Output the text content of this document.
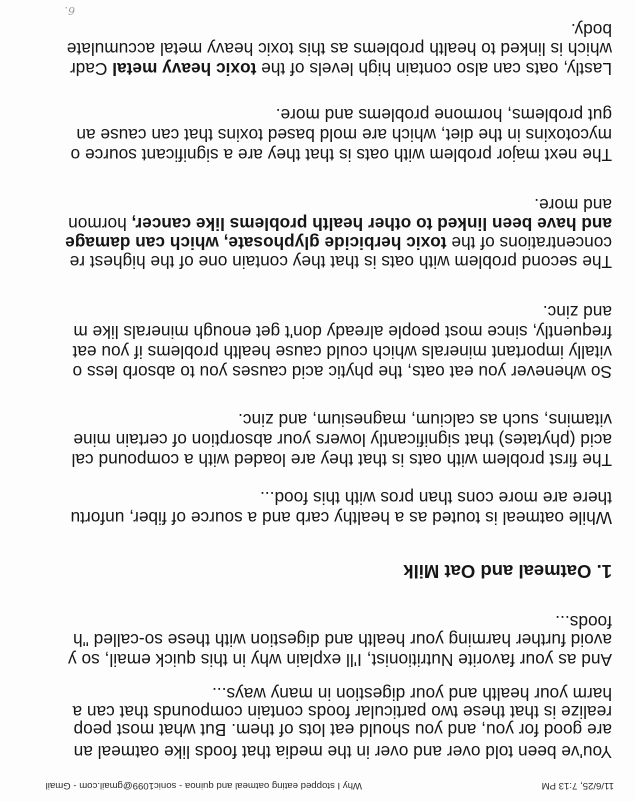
11/6/25, 7:13 PM
Why I stopped eating oatmeal and quinoa - sonic1099@gmail.com - Gmail
You've been told over and over in the media that foods like oatmeal an
are good for you, and you should eat lots of them. But what most peop
realize is that these two particular foods contain compounds that can a
harm your health and your digestion in many ways...
And as your favorite Nutritionist, I'll explain why in this quick email, so y
avoid further harming your health and digestion with these so-called "h
foods...
1. Oatmeal and Oat Milk
While oatmeal is touted as a healthy carb and a source of fiber, unfortu
there are more cons than pros with this food...
The first problem with oats is that they are loaded with a compound cal
acid (phytates) that significantly lowers your absorption of certain mine
vitamins, such as calcium, magnesium, and zinc.
So whenever you eat oats, the phytic acid causes you to absorb less o
vitally important minerals which could cause health problems if you eat
frequently, since most people already don't get enough minerals like m
and zinc.
The second problem with oats is that they contain one of the highest re
concentrations of the toxic herbicide glyphosate, which can damage
and have been linked to other health problems like cancer, hormon
and more.
The next major problem with oats is that they are a significant source o
mycotoxins in the diet, which are mold based toxins that can cause an
gut problems, hormone problems and more.
Lastly, oats can also contain high levels of the toxic heavy metal Cadr
which is linked to health problems as this toxic heavy metal accumulate
body.
6.
